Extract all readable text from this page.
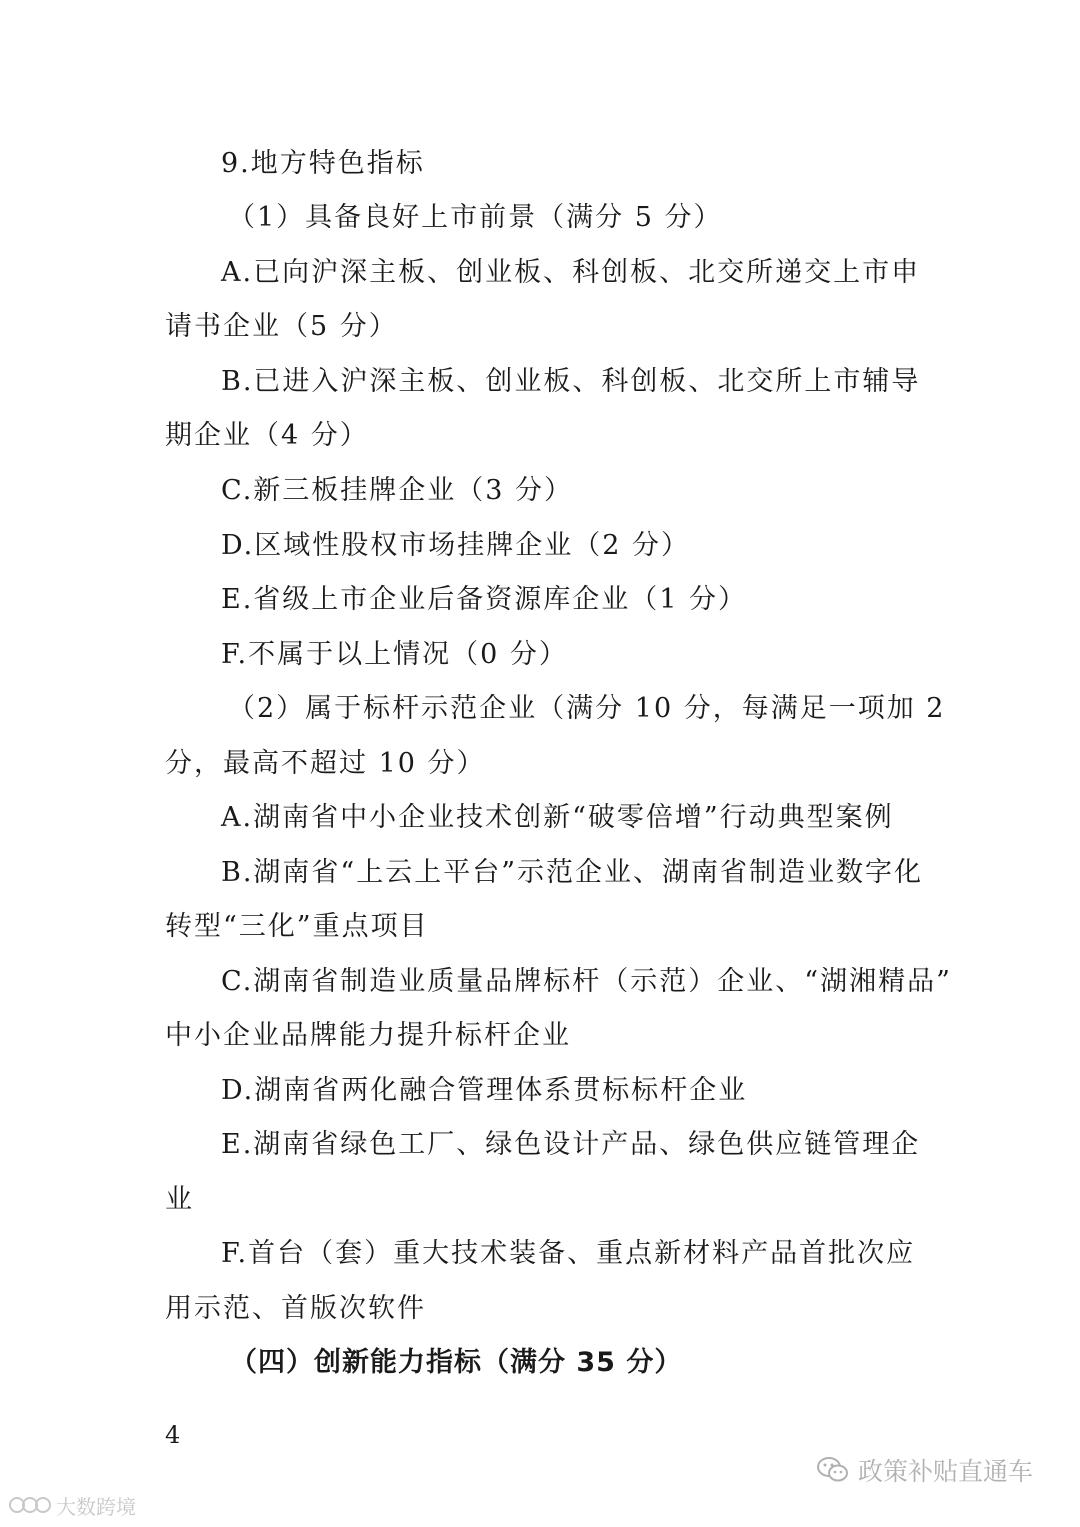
9.地方特色指标
（1）具备良好上市前景（满分 5 分）
A.已向沪深主板、创业板、科创板、北交所递交上市申
请书企业（5 分）
B.已进入沪深主板、创业板、科创板、北交所上市辅导
期企业（4 分）
C.新三板挂牌企业（3 分）
D.区域性股权市场挂牌企业（2 分）
E.省级上市企业后备资源库企业（1 分）
F.不属于以上情况（0 分）
（2）属于标杆示范企业（满分 10 分，每满足一项加 2
分，最高不超过 10 分）
A.湖南省中小企业技术创新“破零倍增”行动典型案例
B.湖南省“上云上平台”示范企业、湖南省制造业数字化
转型“三化”重点项目
C.湖南省制造业质量品牌标杆（示范）企业、“湖湘精品”
中小企业品牌能力提升标杆企业
D.湖南省两化融合管理体系贯标标杆企业
E.湖南省绿色工厂、绿色设计产品、绿色供应链管理企
业
F.首台（套）重大技术装备、重点新材料产品首批次应
用示范、首版次软件
（四）创新能力指标（满分 35 分）
4
政策补贴直通车
大数跨境
